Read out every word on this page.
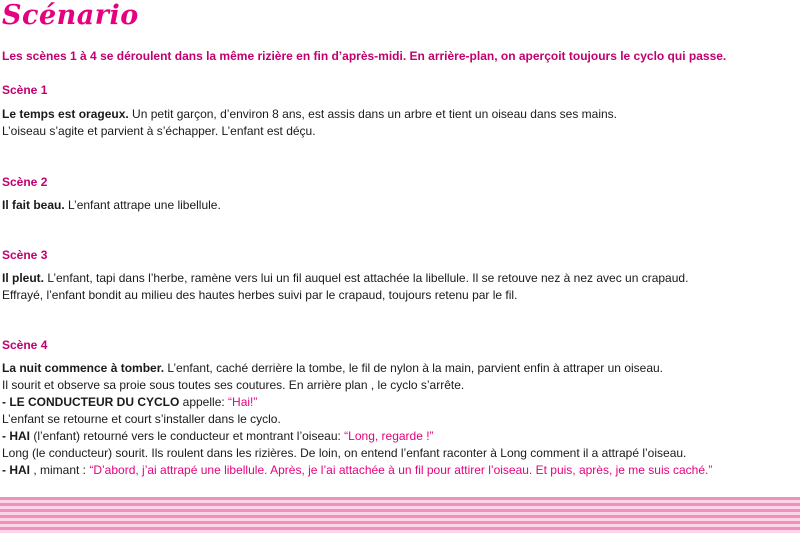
Scénario
Les scènes 1 à 4 se déroulent dans la même rizière en fin d’après-midi. En arrière-plan, on aperçoit toujours le cyclo qui passe.
Scène 1
Le temps est orageux. Un petit garçon, d’environ 8 ans, est assis dans un arbre et tient un oiseau dans ses mains.
L’oiseau s’agite et parvient à s’échapper. L’enfant est déçu.
Scène 2
Il fait beau. L’enfant attrape une libellule.
Scène 3
Il pleut. L’enfant, tapi dans l’herbe, ramène vers lui un fil auquel est attachée la libellule. Il se retouve nez à nez avec un crapaud.
Effrayé, l’enfant bondit au milieu des hautes herbes suivi par le crapaud, toujours retenu par le fil.
Scène 4
La nuit commence à tomber. L’enfant, caché derrière la tombe, le fil de nylon à la main, parvient enfin à attraper un oiseau.
Il sourit et observe sa proie sous toutes ses coutures. En arrière plan , le cyclo s’arrête.
- LE CONDUCTEUR DU CYCLO appelle: “Hai!”
L’enfant se retourne et court s’installer dans le cyclo.
- HAI (l’enfant) retourné vers le conducteur et montrant l’oiseau: “Long, regarde !”
Long (le conducteur) sourit. Ils roulent dans les rizières. De loin, on entend l’enfant raconter à Long comment il a attrapé l’oiseau.
- HAI , mimant : “D’abord, j’ai attrapé une libellule. Après, je l’ai attachée à un fil pour attirer l’oiseau. Et puis, après, je me suis caché.”
